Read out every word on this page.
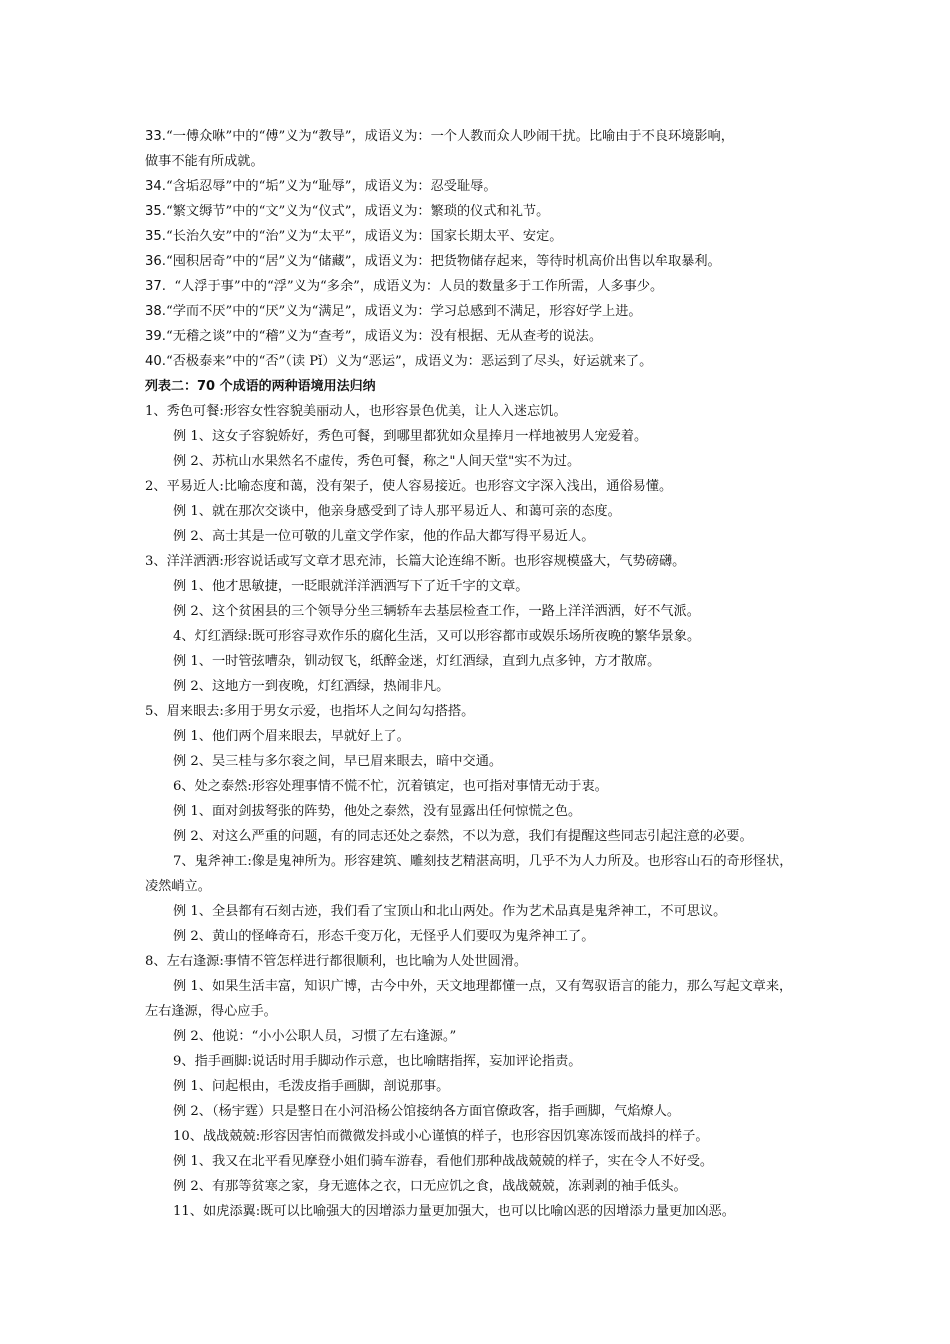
33.“一傅众咻”中的“傅”义为“教导”，成语义为：一个人教而众人吵闹干扰。比喻由于不良环境影响，
做事不能有所成就。
34.“含垢忍辱”中的“垢”义为“耻辱”，成语义为：忍受耻辱。
35.“繁文缛节”中的“文”义为“仪式”，成语义为：繁琐的仪式和礼节。
35.“长治久安”中的“治”义为“太平”，成语义为：国家长期太平、安定。
36.“囤积居奇”中的“居”义为“储藏”，成语义为：把货物储存起来，等待时机高价出售以牟取暴利。
37.  “人浮于事”中的“浮”义为“多余”，成语义为：人员的数量多于工作所需，人多事少。
38.“学而不厌”中的“厌”义为“满足”，成语义为：学习总感到不满足，形容好学上进。
39.“无稽之谈”中的“稽”义为“查考”，成语义为：没有根据、无从查考的说法。
40.“否极泰来”中的“否”（读 Pǐ）义为“恶运”，成语义为：恶运到了尽头，好运就来了。
列表二：70 个成语的两种语境用法归纳
1、秀色可餐:形容女性容貌美丽动人，也形容景色优美，让人入迷忘饥。
例 1、这女子容貌娇好，秀色可餐，到哪里都犹如众星捧月一样地被男人宠爱着。
例 2、苏杭山水果然名不虚传，秀色可餐，称之"人间天堂"实不为过。
2、平易近人:比喻态度和蔼，没有架子，使人容易接近。也形容文字深入浅出，通俗易懂。
例 1、就在那次交谈中，他亲身感受到了诗人那平易近人、和蔼可亲的态度。
例 2、高士其是一位可敬的儿童文学作家，他的作品大都写得平易近人。
3、洋洋洒洒:形容说话或写文章才思充沛，长篇大论连绵不断。也形容规模盛大，气势磅礴。
例 1、他才思敏捷，一眨眼就洋洋洒洒写下了近千字的文章。
例 2、这个贫困县的三个领导分坐三辆轿车去基层检查工作，一路上洋洋洒洒，好不气派。
4、灯红酒绿:既可形容寻欢作乐的腐化生活，又可以形容都市或娱乐场所夜晚的繁华景象。
例 1、一时管弦嘈杂，钏动钗飞，纸醉金迷，灯红酒绿，直到九点多钟，方才散席。
例 2、这地方一到夜晚，灯红酒绿，热闹非凡。
5、眉来眼去:多用于男女示爱，也指坏人之间勾勾搭搭。
例 1、他们两个眉来眼去，早就好上了。
例 2、吴三桂与多尔衮之间，早已眉来眼去，暗中交通。
6、处之泰然:形容处理事情不慌不忙，沉着镇定，也可指对事情无动于衷。
例 1、面对剑拔弩张的阵势，他处之泰然，没有显露出任何惊慌之色。
例 2、对这么严重的问题，有的同志还处之泰然，不以为意，我们有提醒这些同志引起注意的必要。
7、鬼斧神工:像是鬼神所为。形容建筑、雕刻技艺精湛高明，几乎不为人力所及。也形容山石的奇形怪状，
凌然峭立。
例 1、全县都有石刻古迹，我们看了宝顶山和北山两处。作为艺术品真是鬼斧神工，不可思议。
例 2、黄山的怪峰奇石，形态千变万化，无怪乎人们要叹为鬼斧神工了。
8、左右逢源:事情不管怎样进行都很顺利，也比喻为人处世圆滑。
例 1、如果生活丰富，知识广博，古今中外，天文地理都懂一点，又有驾驭语言的能力，那么写起文章来，
左右逢源，得心应手。
例 2、他说：“小小公职人员，习惯了左右逢源。”
9、指手画脚:说话时用手脚动作示意，也比喻瞎指挥，妄加评论指责。
例 1、问起根由，毛泼皮指手画脚，剖说那事。
例 2、（杨宇霆）只是整日在小河沿杨公馆接纳各方面官僚政客，指手画脚，气焰燎人。
10、战战兢兢:形容因害怕而微微发抖或小心谨慎的样子，也形容因饥寒冻馁而战抖的样子。
例 1、我又在北平看见摩登小姐们骑车游春，看他们那种战战兢兢的样子，实在令人不好受。
例 2、有那等贫寒之家，身无遮体之衣，口无应饥之食，战战兢兢，冻剥剥的袖手低头。
11、如虎添翼:既可以比喻强大的因增添力量更加强大，也可以比喻凶恶的因增添力量更加凶恶。
